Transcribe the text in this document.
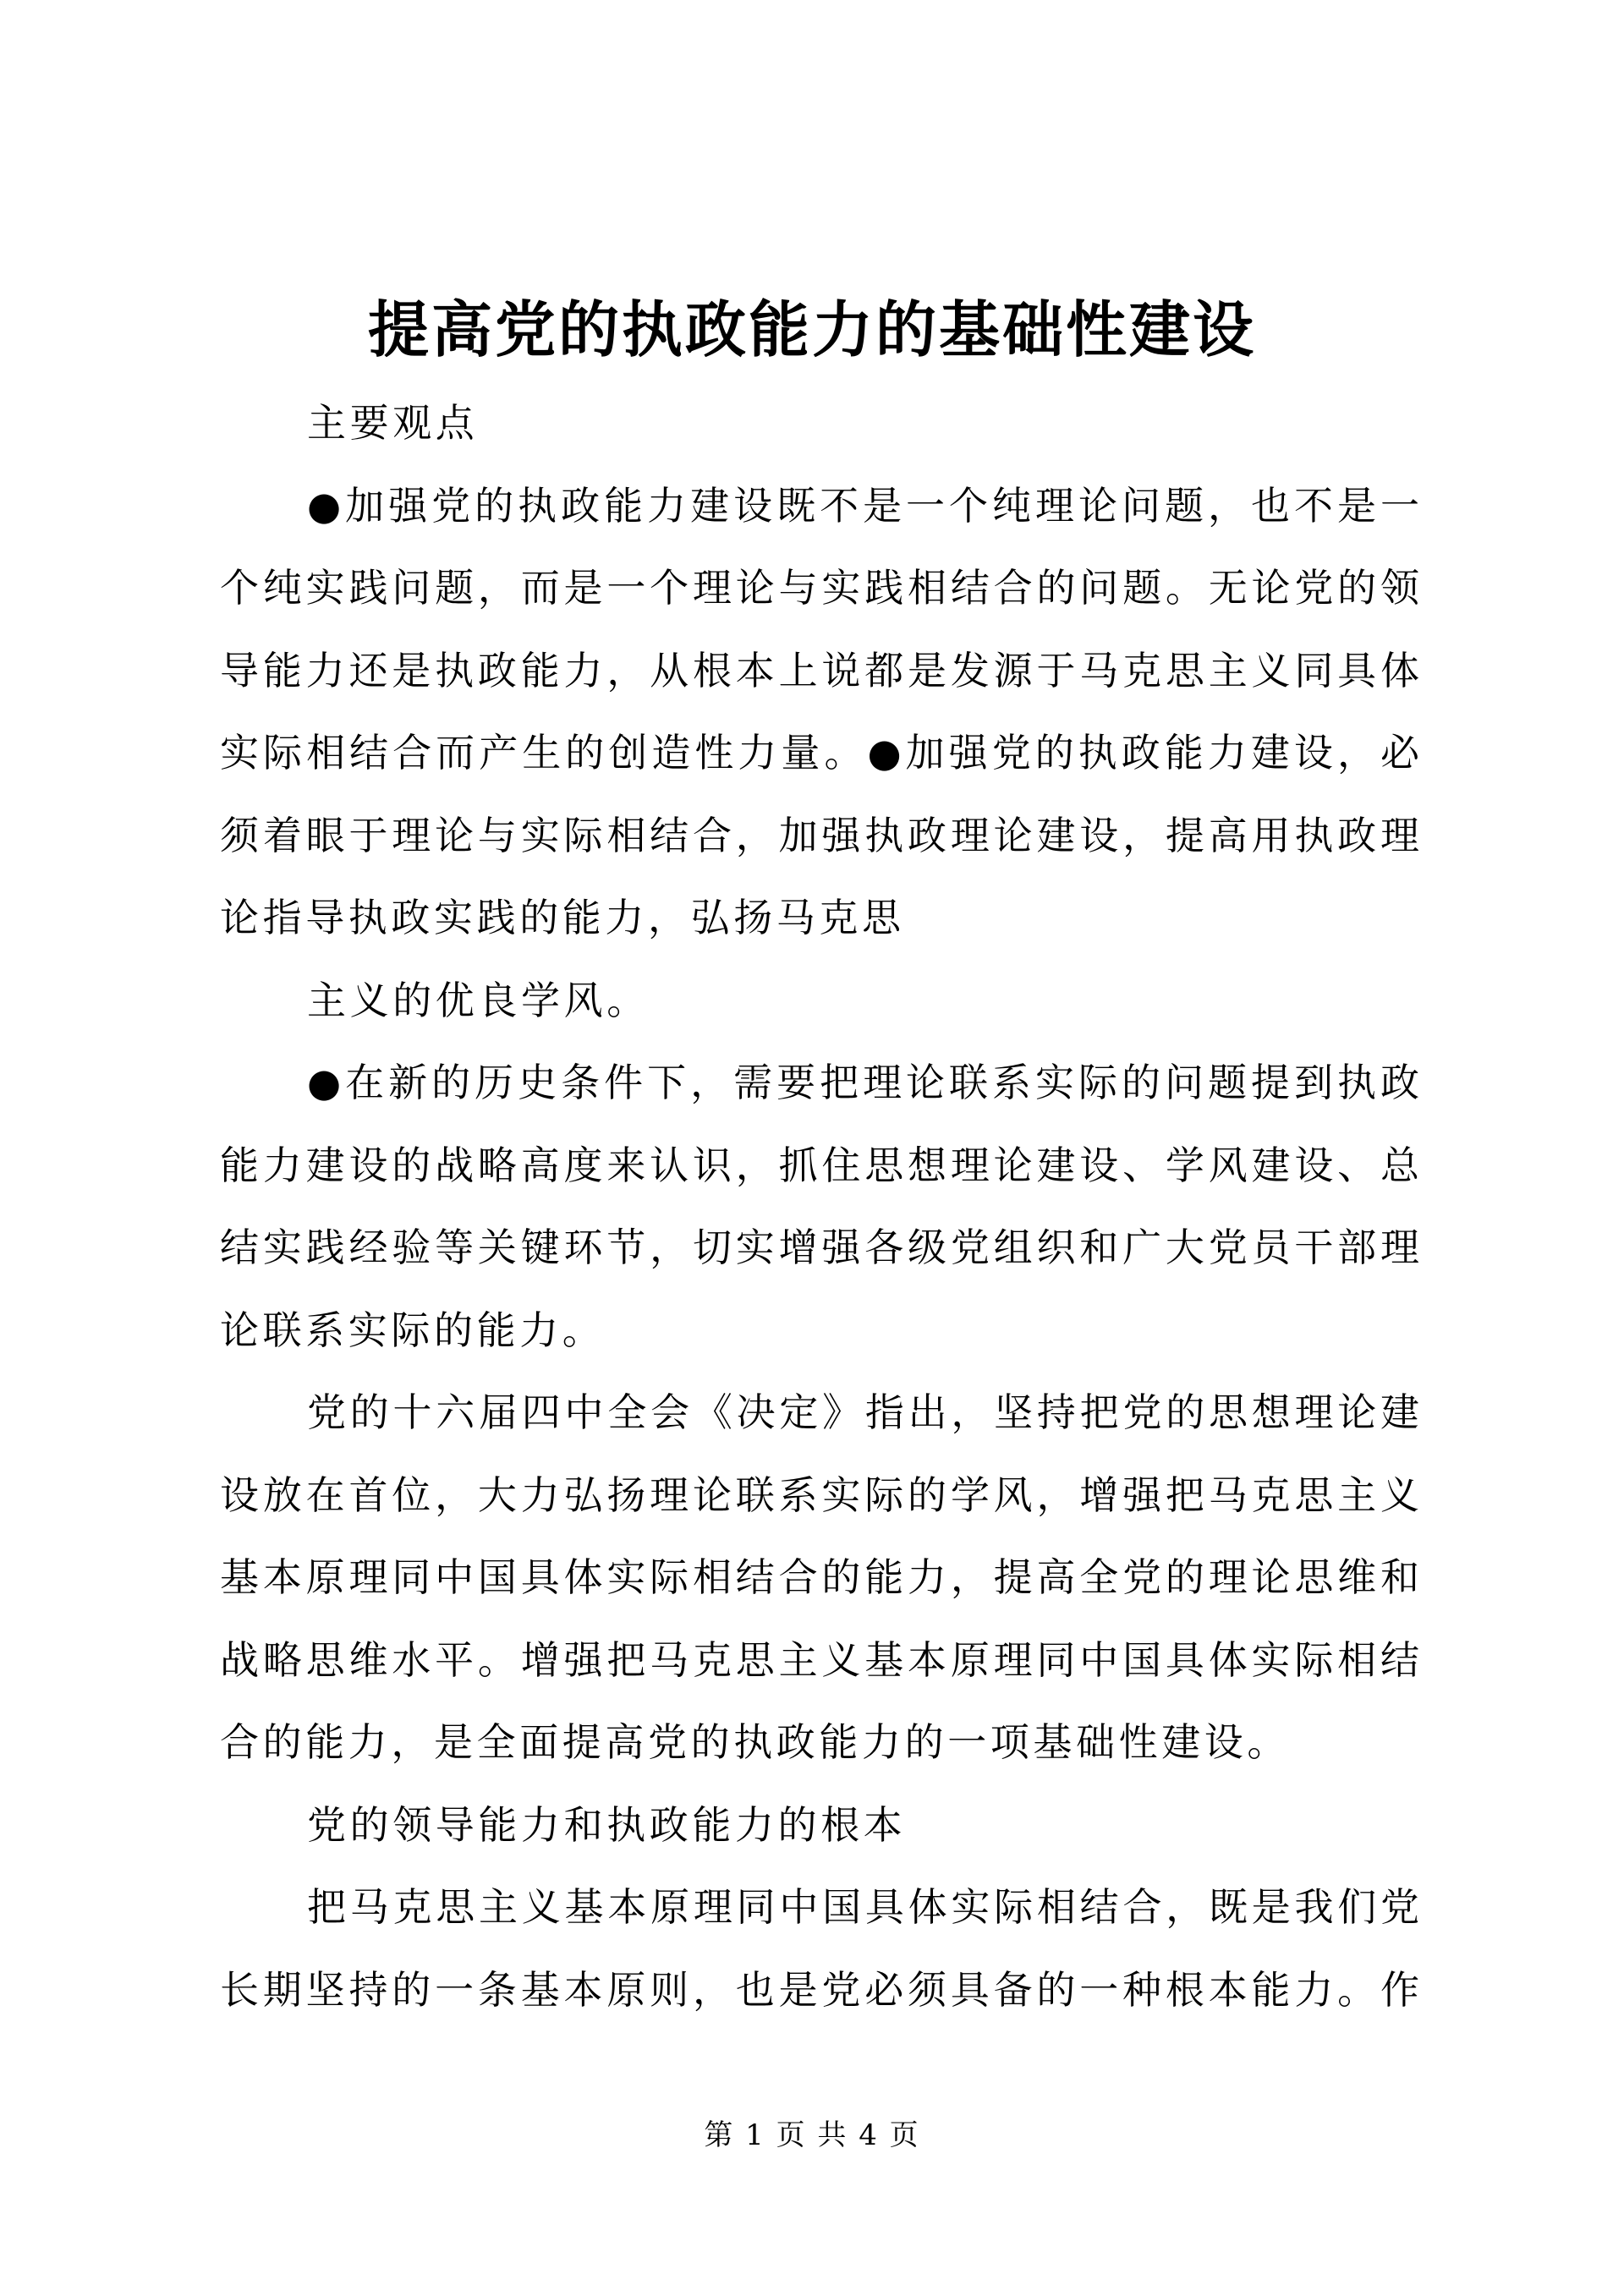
提高党的执政能力的基础性建设
主要观点
●加强党的执政能力建设既不是一个纯理论问题，也不是一
个纯实践问题，而是一个理论与实践相结合的问题。无论党的领
导能力还是执政能力，从根本上说都是发源于马克思主义同具体
实际相结合而产生的创造性力量。●加强党的执政能力建设，必
须着眼于理论与实际相结合，加强执政理论建设，提高用执政理
论指导执政实践的能力，弘扬马克思
主义的优良学风。
●在新的历史条件下，需要把理论联系实际的问题提到执政
能力建设的战略高度来认识，抓住思想理论建设、学风建设、总
结实践经验等关键环节，切实增强各级党组织和广大党员干部理
论联系实际的能力。
党的十六届四中全会《决定》指出，坚持把党的思想理论建
设放在首位，大力弘扬理论联系实际的学风，增强把马克思主义
基本原理同中国具体实际相结合的能力，提高全党的理论思维和
战略思维水平。增强把马克思主义基本原理同中国具体实际相结
合的能力，是全面提高党的执政能力的一项基础性建设。
党的领导能力和执政能力的根本
把马克思主义基本原理同中国具体实际相结合，既是我们党
长期坚持的一条基本原则，也是党必须具备的一种根本能力。作
第 1 页 共 4 页
